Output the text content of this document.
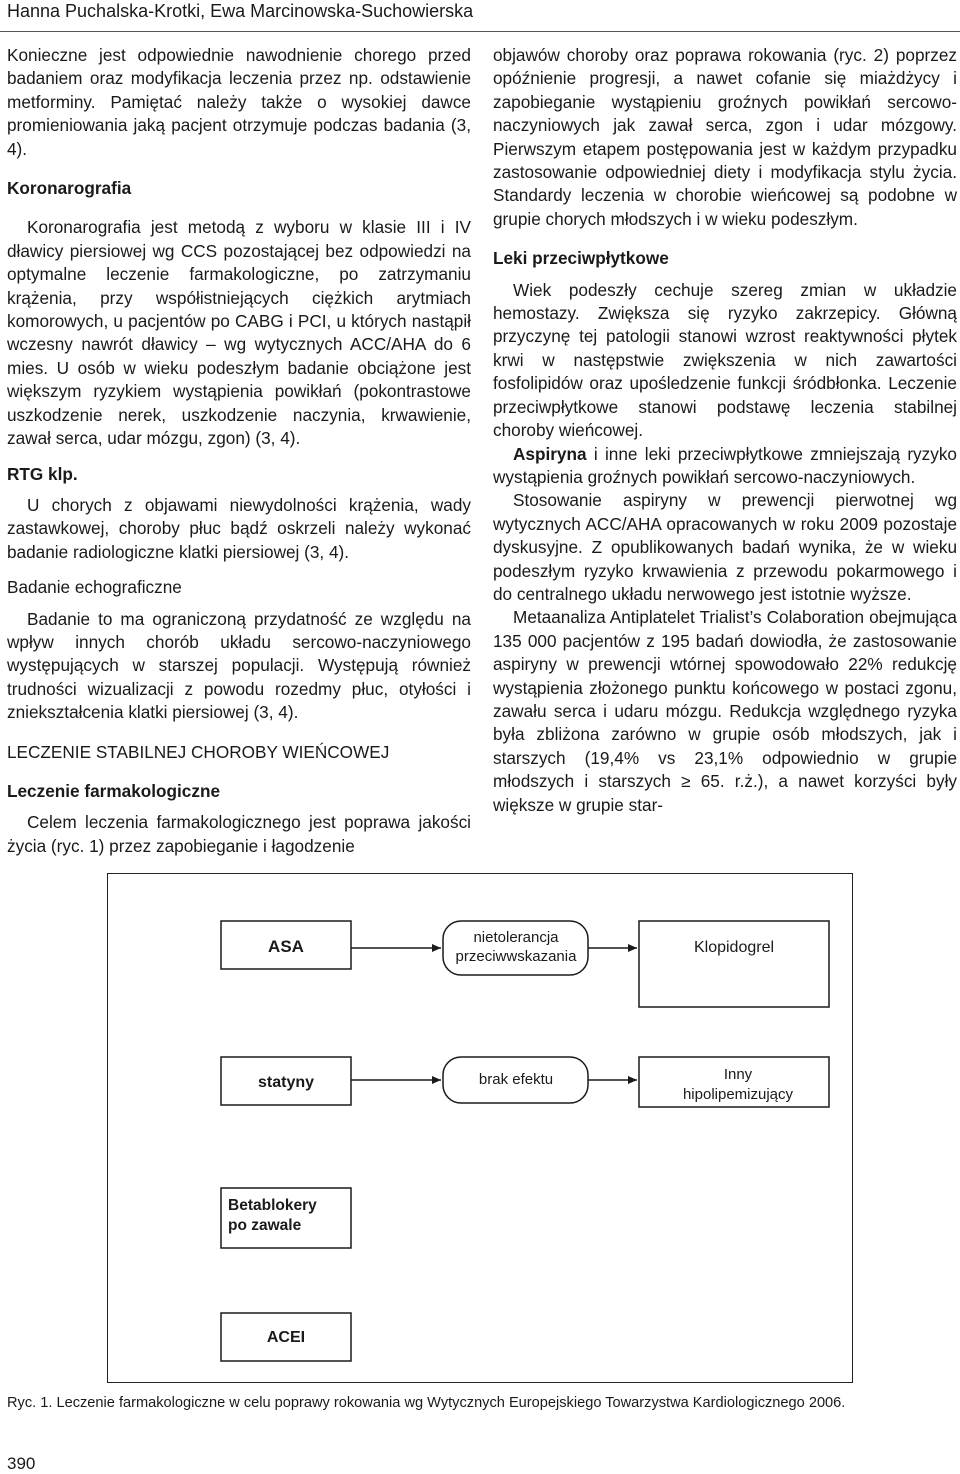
Hanna Puchalska-Krotki, Ewa Marcinowska-Suchowierska

Konieczne jest odpowiednie nawodnienie chorego przed badaniem oraz modyfikacja leczenia przez np. odstawienie metforminy. Pamiętać należy także o wysokiej dawce promieniowania jaką pacjent otrzymuje podczas badania (3, 4).

Koronarografia

Koronarografia jest metodą z wyboru w klasie III i IV dławicy piersiowej wg CCS pozostającej bez odpowiedzi na optymalne leczenie farmakologiczne, po zatrzymaniu krążenia, przy współistniejących ciężkich arytmiach komorowych, u pacjentów po CABG i PCI, u których nastąpił wczesny nawrót dławicy – wg wytycznych ACC/AHA do 6 mies. U osób w wieku podeszłym badanie obciążone jest większym ryzykiem wystąpienia powikłań (pokontrastowe uszkodzenie nerek, uszkodzenie naczynia, krwawienie, zawał serca, udar mózgu, zgon) (3, 4).

RTG klp.

U chorych z objawami niewydolności krążenia, wady zastawkowej, choroby płuc bądź oskrzeli należy wykonać badanie radiologiczne klatki piersiowej (3, 4).

Badanie echograficzne

Badanie to ma ograniczoną przydatność ze względu na wpływ innych chorób układu sercowo-naczyniowego występujących w starszej populacji. Występują również trudności wizualizacji z powodu rozedmy płuc, otyłości i zniekształcenia klatki piersiowej (3, 4).

LECZENIE STABILNEJ CHOROBY WIEŃCOWEJ
Leczenie farmakologiczne

Celem leczenia farmakologicznego jest poprawa jakości życia (ryc. 1) przez zapobieganie i łagodzenie

objawów choroby oraz poprawa rokowania (ryc. 2) poprzez opóźnienie progresji, a nawet cofanie się miażdżycy i zapobieganie wystąpieniu groźnych powikłań sercowo-naczyniowych jak zawał serca, zgon i udar mózgowy. Pierwszym etapem postępowania jest w każdym przypadku zastosowanie odpowiedniej diety i modyfikacja stylu życia. Standardy leczenia w chorobie wieńcowej są podobne w grupie chorych młodszych i w wieku podeszłym.

Leki przeciwpłytkowe

Wiek podeszły cechuje szereg zmian w układzie hemostazy. Zwiększa się ryzyko zakrzepicy. Główną przyczynę tej patologii stanowi wzrost reaktywności płytek krwi w następstwie zwiększenia w nich zawartości fosfolipidów oraz upośledzenie funkcji śródbłonka. Leczenie przeciwpłytkowe stanowi podstawę leczenia stabilnej choroby wieńcowej.

Aspiryna i inne leki przeciwpłytkowe zmniejszają ryzyko wystąpienia groźnych powikłań sercowo-naczyniowych.

Stosowanie aspiryny w prewencji pierwotnej wg wytycznych ACC/AHA opracowanych w roku 2009 pozostaje dyskusyjne. Z opublikowanych badań wynika, że w wieku podeszłym ryzyko krwawienia z przewodu pokarmowego i do centralnego układu nerwowego jest istotnie wyższe.

Metaanaliza Antiplatelet Trialist’s Colaboration obejmująca 135 000 pacjentów z 195 badań dowiodła, że zastosowanie aspiryny w prewencji wtórnej spowodowało 22% redukcję wystąpienia złożonego punktu końcowego w postaci zgonu, zawału serca i udaru mózgu. Redukcja względnego ryzyka była zbliżona zarówno w grupie osób młodszych, jak i starszych (19,4% vs 23,1% odpowiednio w grupie młodszych i starszych ≥ 65. r.ż.), a nawet korzyści były większe w grupie star-

ASA	nietolerancja
przeciwwskazania
Klopidogrel
statyny	brak efektu	Inny
hipolipemizujący
Betablokery
po zawale
ACEI
Ryc. 1. Leczenie farmakologiczne w celu poprawy rokowania wg Wytycznych Europejskiego Towarzystwa Kardiologicznego 2006.
390
